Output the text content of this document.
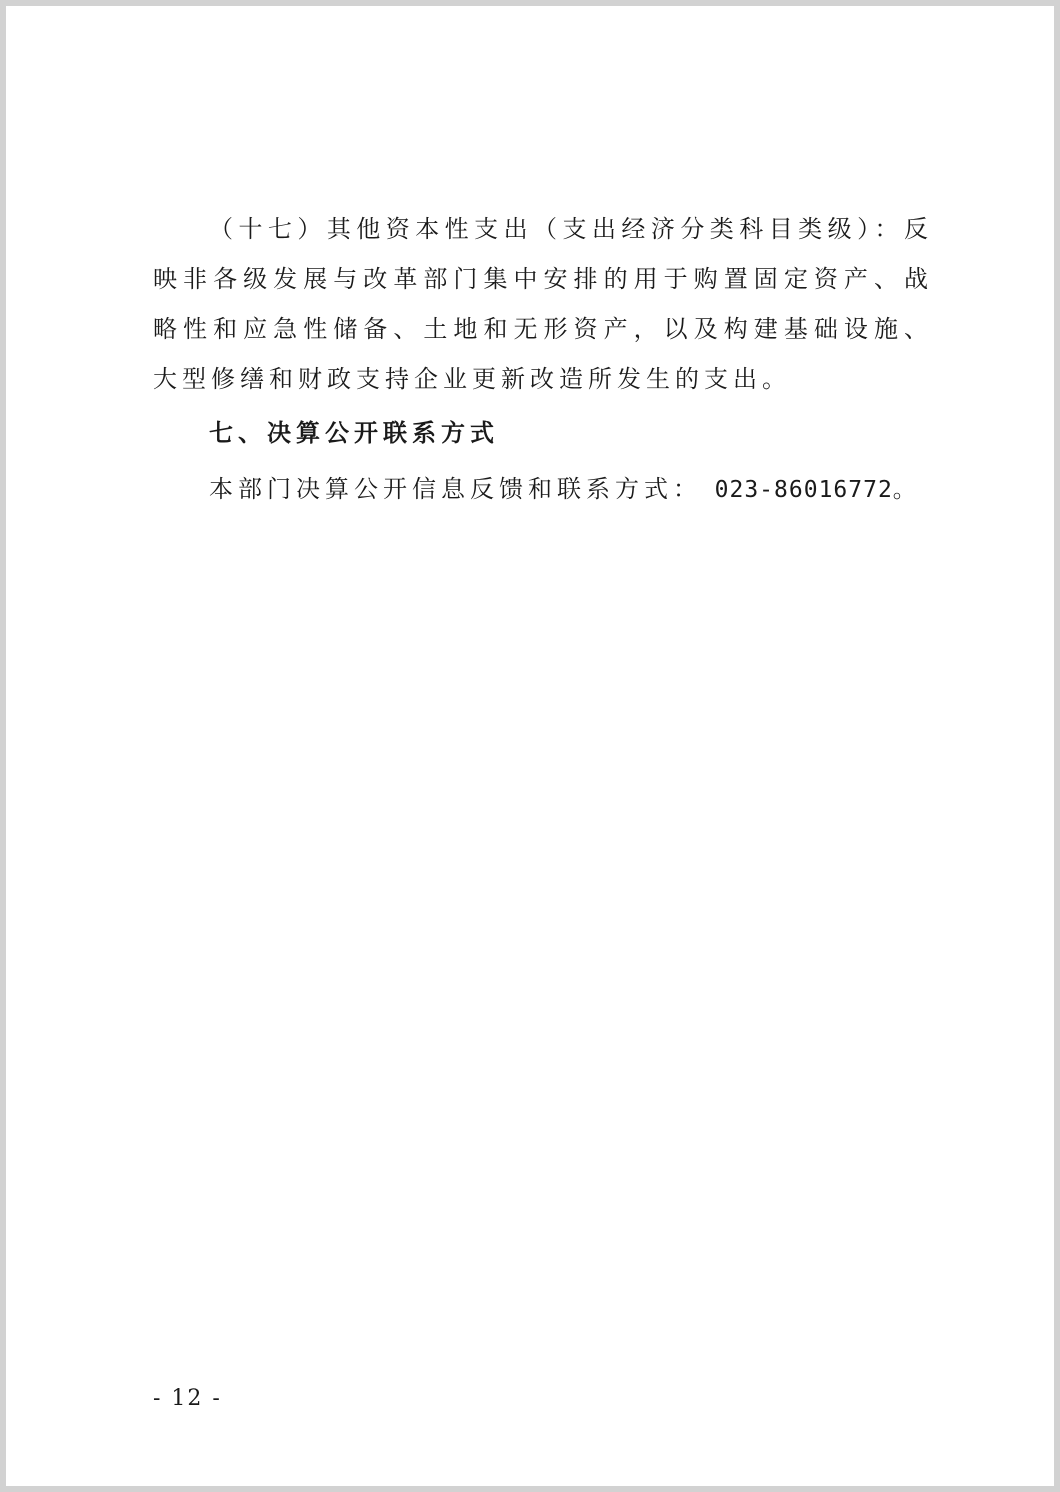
（十七）其他资本性支出（支出经济分类科目类级）：反映非各级发展与改革部门集中安排的用于购置固定资产、战略性和应急性储备、土地和无形资产，以及构建基础设施、大型修缮和财政支持企业更新改造所发生的支出。

七、决算公开联系方式

本部门决算公开信息反馈和联系方式： 023-86016772。

- 12 -
